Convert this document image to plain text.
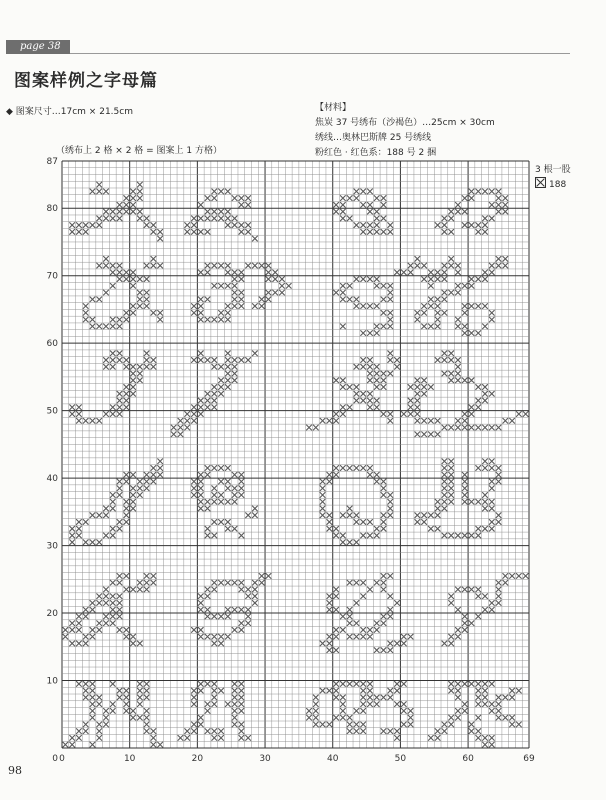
page 38
图案样例之字母篇
◆ 图案尺寸…17cm × 21.5cm
（绣布上 2 格 × 2 格 = 图案上 1 方格）
【材料】
焦炭 37 号绣布（沙褐色）…25cm × 30cm
绣线…奥林巴斯牌 25 号绣线
粉红色 · 红色系：188 号 2 捆
3 根一股
188
0	10	20	30	40	50	60	69
0
10
20
30
40
50
60
70
80
87
98
